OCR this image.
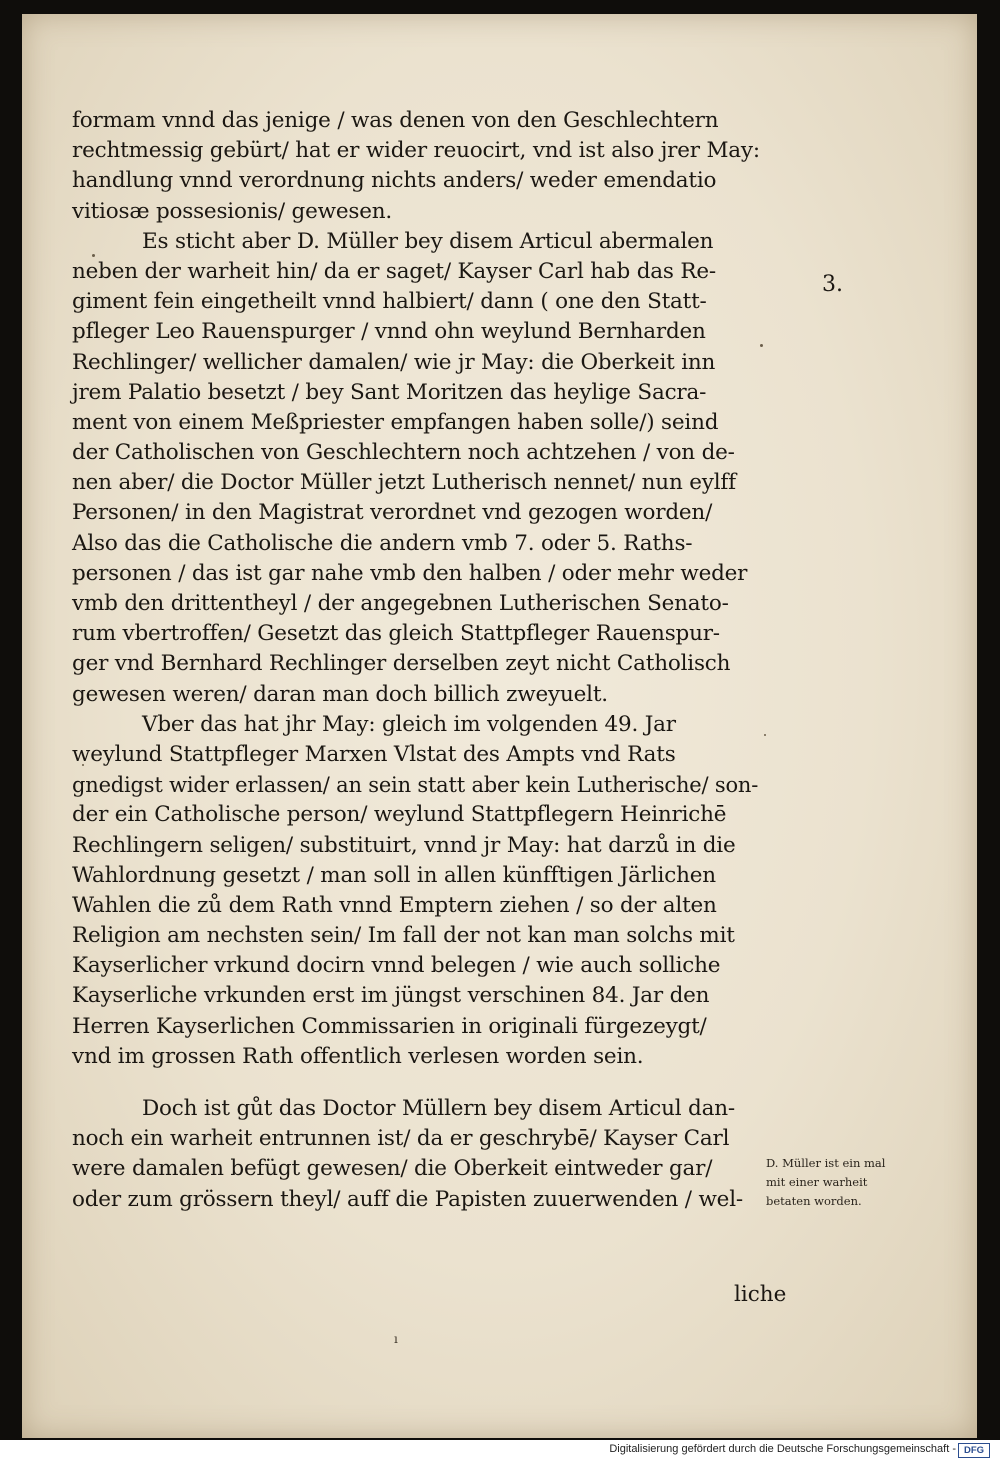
3.
formam vnnd das jenige / was denen von den Geschlechtern
rechtmessig gebürt/ hat er wider reuocirt, vnd ist also jrer May:
handlung vnnd verordnung nichts anders/ weder emendatio
vitiosæ possesionis/ gewesen.
Es sticht aber D. Müller bey disem Articul abermalen
neben der warheit hin/ da er saget/ Kayser Carl hab das Re-
giment fein eingetheilt vnnd halbiert/ dann ( one den Statt-
pfleger Leo Rauenspurger / vnnd ohn weylund Bernharden
Rechlinger/ wellicher damalen/ wie jr May: die Oberkeit inn
jrem Palatio besetzt / bey Sant Moritzen das heylige Sacra-
ment von einem Meßpriester empfangen haben solle/) seind
der Catholischen von Geschlechtern noch achtzehen / von de-
nen aber/ die Doctor Müller jetzt Lutherisch nennet/ nun eylff
Personen/ in den Magistrat verordnet vnd gezogen worden/
Also das die Catholische die andern vmb 7. oder 5. Raths-
personen / das ist gar nahe vmb den halben / oder mehr weder
vmb den drittentheyl / der angegebnen Lutherischen Senato-
rum vbertroffen/ Gesetzt das gleich Stattpfleger Rauenspur-
ger vnd Bernhard Rechlinger derselben zeyt nicht Catholisch
gewesen weren/ daran man doch billich zweyuelt.
Vber das hat jhr May: gleich im volgenden 49. Jar
weylund Stattpfleger Marxen Vlstat des Ampts vnd Rats
gnedigst wider erlassen/ an sein statt aber kein Lutherische/ son-
der ein Catholische person/ weylund Stattpflegern Heinrichē
Rechlingern seligen/ substituirt, vnnd jr May: hat darzů in die
Wahlordnung gesetzt / man soll in allen künfftigen Järlichen
Wahlen die zů dem Rath vnnd Emptern ziehen / so der alten
Religion am nechsten sein/ Im fall der not kan man solchs mit
Kayserlicher vrkund docirn vnnd belegen / wie auch solliche
Kayserliche vrkunden erst im jüngst verschinen 84. Jar den
Herren Kayserlichen Commissarien in originali fürgezeygt/
vnd im grossen Rath offentlich verlesen worden sein.
Doch ist gůt das Doctor Müllern bey disem Articul dan-
noch ein warheit entrunnen ist/ da er geschrybē/ Kayser Carl
were damalen befügt gewesen/ die Oberkeit eintweder gar/
oder zum grössern theyl/ auff die Papisten zuuerwenden / wel-
D. Müller ist ein mal mit einer warheit betaten worden.
liche
ı
Digitalisierung gefördert durch die Deutsche Forschungsgemeinschaft - DFG
